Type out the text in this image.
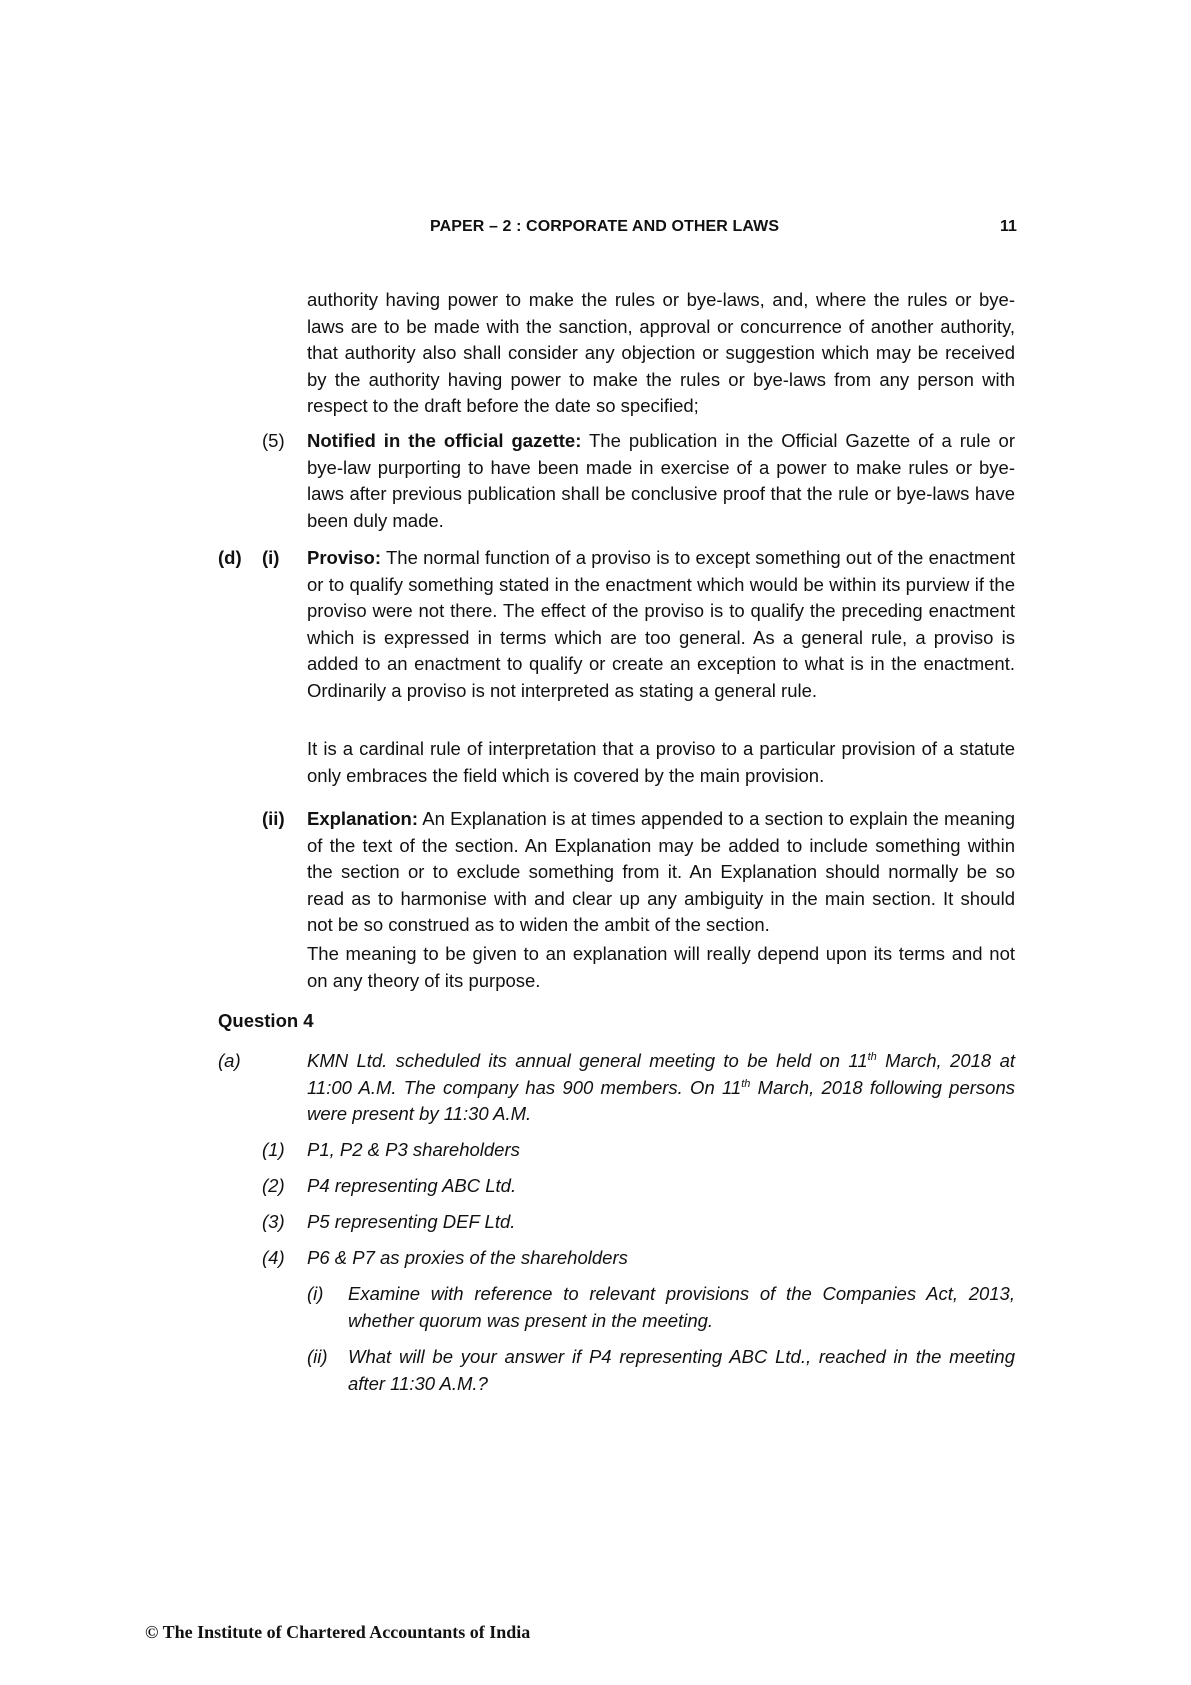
PAPER – 2 : CORPORATE AND OTHER LAWS	11

authority having power to make the rules or bye-laws, and, where the rules or bye-laws are to be made with the sanction, approval or concurrence of another authority, that authority also shall consider any objection or suggestion which may be received by the authority having power to make the rules or bye-laws from any person with respect to the draft before the date so specified;

(5) Notified in the official gazette: The publication in the Official Gazette of a rule or bye-law purporting to have been made in exercise of a power to make rules or bye-laws after previous publication shall be conclusive proof that the rule or bye-laws have been duly made.

(d) (i) Proviso: The normal function of a proviso is to except something out of the enactment or to qualify something stated in the enactment which would be within its purview if the proviso were not there. The effect of the proviso is to qualify the preceding enactment which is expressed in terms which are too general. As a general rule, a proviso is added to an enactment to qualify or create an exception to what is in the enactment. Ordinarily a proviso is not interpreted as stating a general rule.

It is a cardinal rule of interpretation that a proviso to a particular provision of a statute only embraces the field which is covered by the main provision.

(ii) Explanation: An Explanation is at times appended to a section to explain the meaning of the text of the section. An Explanation may be added to include something within the section or to exclude something from it. An Explanation should normally be so read as to harmonise with and clear up any ambiguity in the main section. It should not be so construed as to widen the ambit of the section.

The meaning to be given to an explanation will really depend upon its terms and not on any theory of its purpose.

Question 4
(a)	KMN Ltd. scheduled its annual general meeting to be held on 11th March, 2018 at 11:00 A.M. The company has 900 members. On 11th March, 2018 following persons were present by 11:30 A.M.

(1) P1, P2 & P3 shareholders

(2) P4 representing ABC Ltd.

(3) P5 representing DEF Ltd.

(4) P6 & P7 as proxies of the shareholders

(i) Examine with reference to relevant provisions of the Companies Act, 2013, whether quorum was present in the meeting.

(ii) What will be your answer if P4 representing ABC Ltd., reached in the meeting after 11:30 A.M.?

© The Institute of Chartered Accountants of India
